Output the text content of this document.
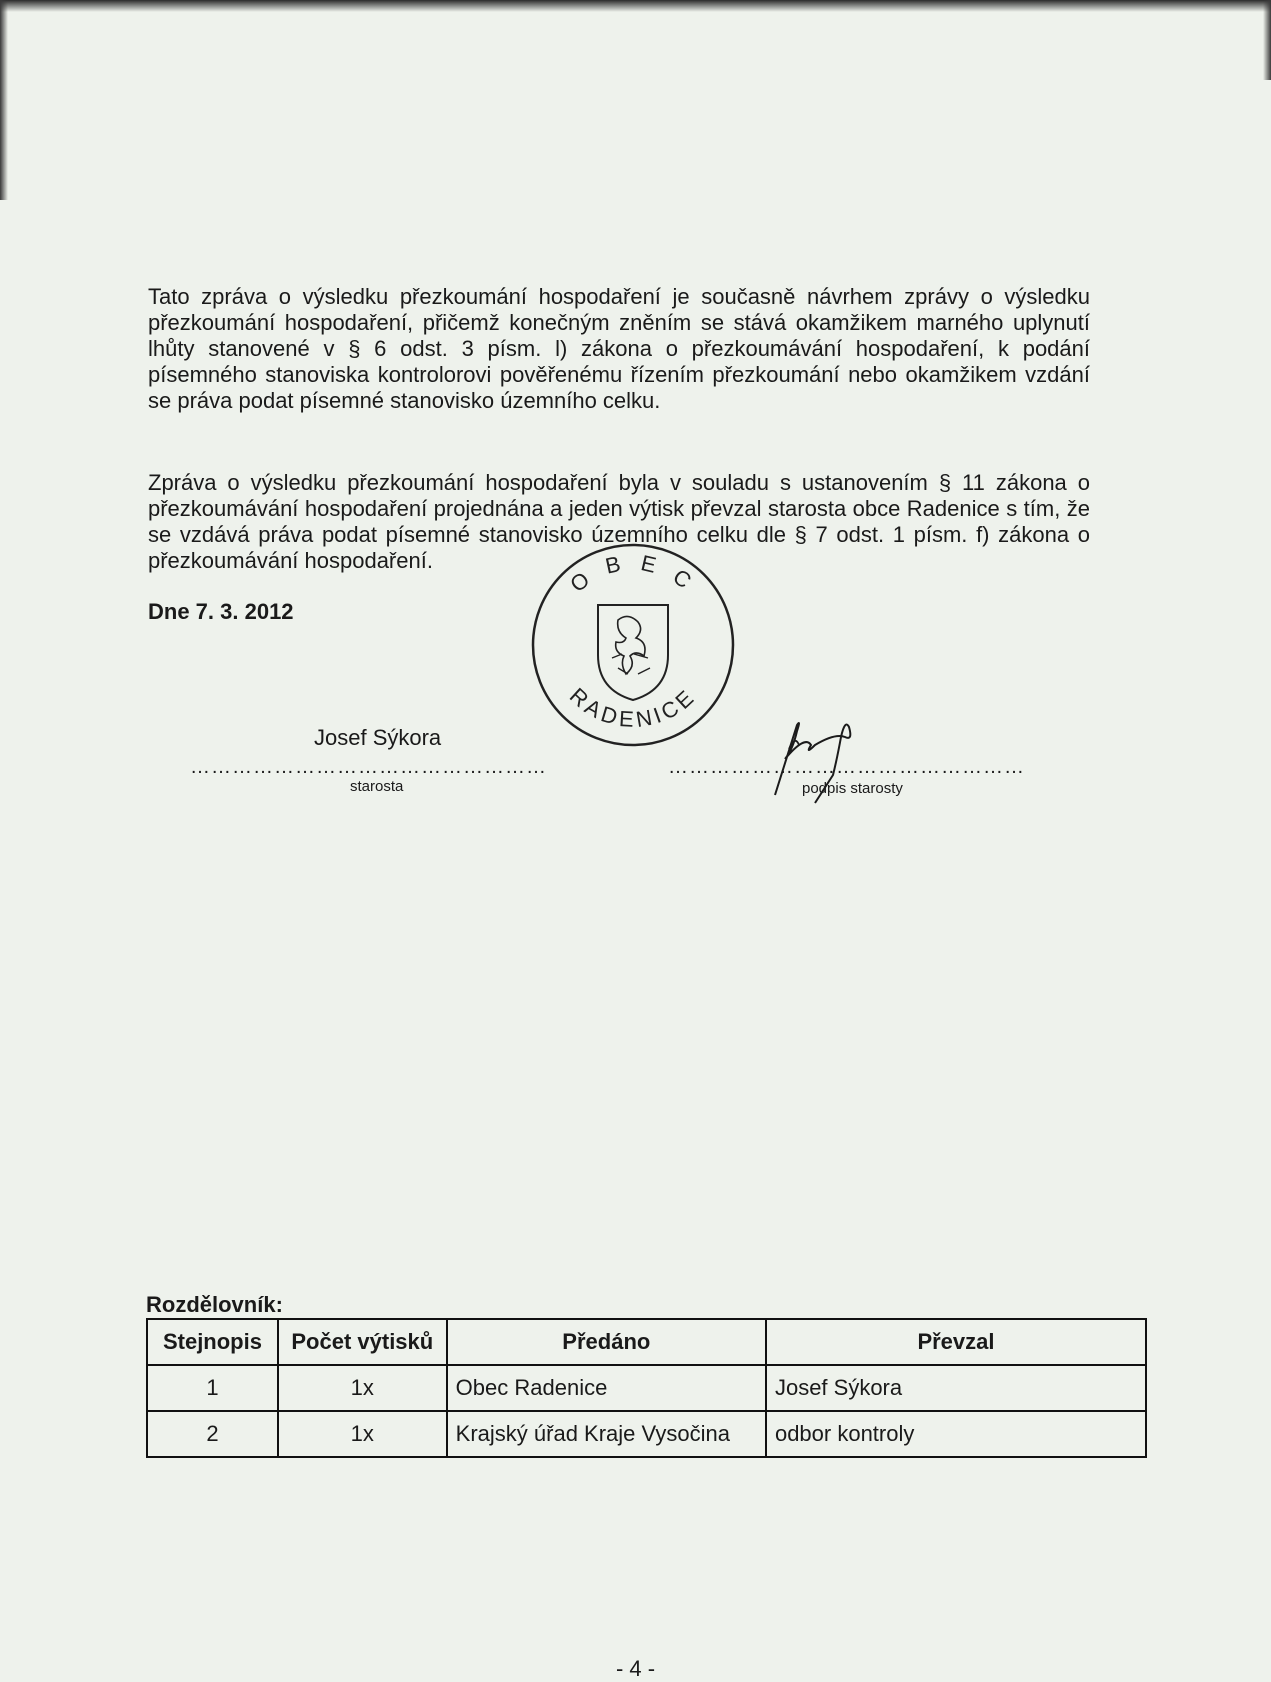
Tato zpráva o výsledku přezkoumání hospodaření je současně návrhem zprávy o výsledku přezkoumání hospodaření, přičemž konečným zněním se stává okamžikem marného uplynutí lhůty stanovené v § 6 odst. 3 písm. l) zákona o přezkoumávání hospodaření, k podání písemného stanoviska kontrolorovi pověřenému řízením přezkoumání nebo okamžikem vzdání se práva podat písemné stanovisko územního celku.
Zpráva o výsledku přezkoumání hospodaření byla v souladu s ustanovením § 11 zákona o přezkoumávání hospodaření projednána a jeden výtisk převzal starosta obce Radenice s tím, že se vzdává práva podat písemné stanovisko územního celku dle § 7 odst. 1 písm. f) zákona o přezkoumávání hospodaření.
Dne 7. 3. 2012
O B E C
RADENICE
Josef Sýkora
……………………………………………	……………………………………………
starosta	podpis starosty
Rozdělovník:
Stejnopis	Počet výtisků	Předáno	Převzal
1	1x	Obec Radenice	Josef Sýkora
2	1x	Krajský úřad Kraje Vysočina	odbor kontroly
- 4 -
